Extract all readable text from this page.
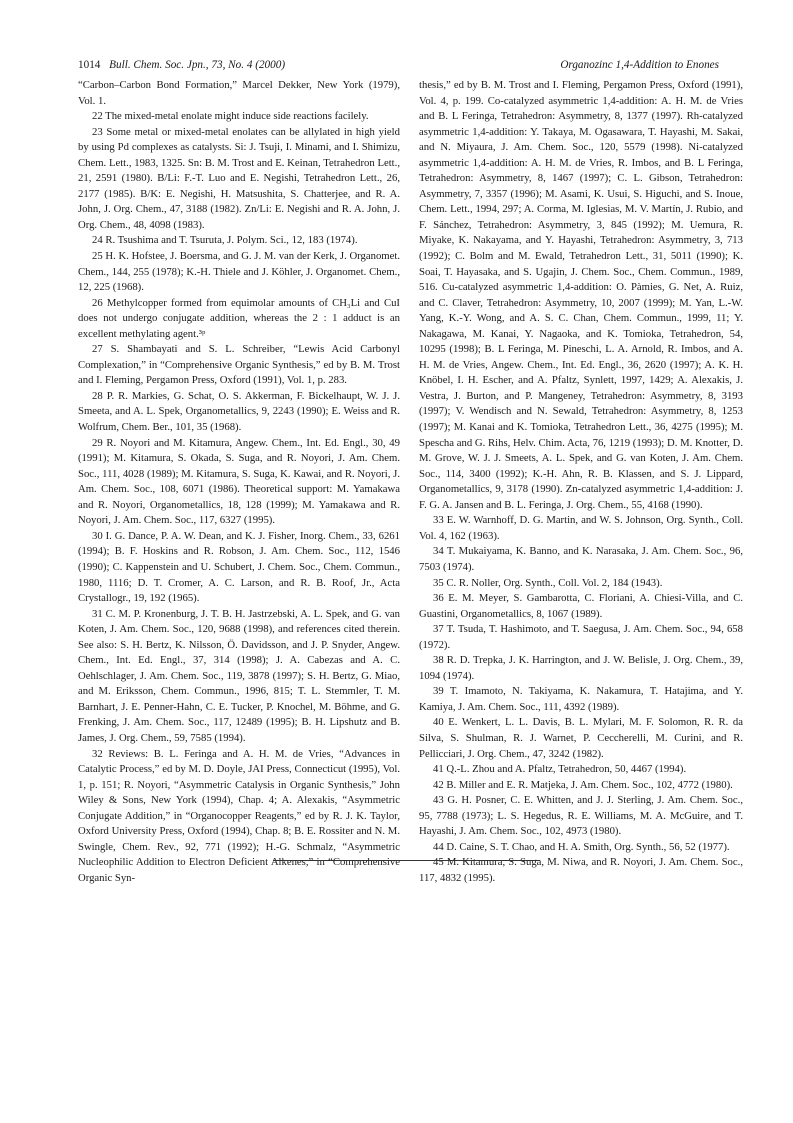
1014 Bull. Chem. Soc. Jpn., 73, No. 4 (2000)	Organozinc 1,4-Addition to Enones

“Carbon–Carbon Bond Formation,” Marcel Dekker, New York (1979), Vol. 1.

22 The mixed-metal enolate might induce side reactions facilely.

23 Some metal or mixed-metal enolates can be allylated in high yield by using Pd complexes as catalysts. Si: J. Tsuji, I. Minami, and I. Shimizu, Chem. Lett., 1983, 1325. Sn: B. M. Trost and E. Keinan, Tetrahedron Lett., 21, 2591 (1980). B/Li: F.-T. Luo and E. Negishi, Tetrahedron Lett., 26, 2177 (1985). B/K: E. Negishi, H. Matsushita, S. Chatterjee, and R. A. John, J. Org. Chem., 47, 3188 (1982). Zn/Li: E. Negishi and R. A. John, J. Org. Chem., 48, 4098 (1983).

24 R. Tsushima and T. Tsuruta, J. Polym. Sci., 12, 183 (1974).

25 H. K. Hofstee, J. Boersma, and G. J. M. van der Kerk, J. Organomet. Chem., 144, 255 (1978); K.-H. Thiele and J. Köhler, J. Organomet. Chem., 12, 225 (1968).

26 Methylcopper formed from equimolar amounts of CH₃Li and CuI does not undergo conjugate addition, whereas the 2 : 1 adduct is an excellent methylating agent.³ᵖ

27 S. Shambayati and S. L. Schreiber, “Lewis Acid Carbonyl Complexation,” in “Comprehensive Organic Synthesis,” ed by B. M. Trost and I. Fleming, Pergamon Press, Oxford (1991), Vol. 1, p. 283.

28 P. R. Markies, G. Schat, O. S. Akkerman, F. Bickelhaupt, W. J. J. Smeeta, and A. L. Spek, Organometallics, 9, 2243 (1990); E. Weiss and R. Wolfrum, Chem. Ber., 101, 35 (1968).

29 R. Noyori and M. Kitamura, Angew. Chem., Int. Ed. Engl., 30, 49 (1991); M. Kitamura, S. Okada, S. Suga, and R. Noyori, J. Am. Chem. Soc., 111, 4028 (1989); M. Kitamura, S. Suga, K. Kawai, and R. Noyori, J. Am. Chem. Soc., 108, 6071 (1986). Theoretical support: M. Yamakawa and R. Noyori, Organometallics, 18, 128 (1999); M. Yamakawa and R. Noyori, J. Am. Chem. Soc., 117, 6327 (1995).

30 I. G. Dance, P. A. W. Dean, and K. J. Fisher, Inorg. Chem., 33, 6261 (1994); B. F. Hoskins and R. Robson, J. Am. Chem. Soc., 112, 1546 (1990); C. Kappenstein and U. Schubert, J. Chem. Soc., Chem. Commun., 1980, 1116; D. T. Cromer, A. C. Larson, and R. B. Roof, Jr., Acta Crystallogr., 19, 192 (1965).

31 C. M. P. Kronenburg, J. T. B. H. Jastrzebski, A. L. Spek, and G. van Koten, J. Am. Chem. Soc., 120, 9688 (1998), and references cited therein. See also: S. H. Bertz, K. Nilsson, Ö. Davidsson, and J. P. Snyder, Angew. Chem., Int. Ed. Engl., 37, 314 (1998); J. A. Cabezas and A. C. Oehlschlager, J. Am. Chem. Soc., 119, 3878 (1997); S. H. Bertz, G. Miao, and M. Eriksson, Chem. Commun., 1996, 815; T. L. Stemmler, T. M. Barnhart, J. E. Penner-Hahn, C. E. Tucker, P. Knochel, M. Böhme, and G. Frenking, J. Am. Chem. Soc., 117, 12489 (1995); B. H. Lipshutz and B. James, J. Org. Chem., 59, 7585 (1994).

32 Reviews: B. L. Feringa and A. H. M. de Vries, “Advances in Catalytic Process,” ed by M. D. Doyle, JAI Press, Connecticut (1995), Vol. 1, p. 151; R. Noyori, “Asymmetric Catalysis in Organic Synthesis,” John Wiley & Sons, New York (1994), Chap. 4; A. Alexakis, “Asymmetric Conjugate Addition,” in “Organocopper Reagents,” ed by R. J. K. Taylor, Oxford University Press, Oxford (1994), Chap. 8; B. E. Rossiter and N. M. Swingle, Chem. Rev., 92, 771 (1992); H.-G. Schmalz, “Asymmetric Nucleophilic Addition to Electron Deficient Alkenes,” in “Comprehensive Organic Syn-

thesis,” ed by B. M. Trost and I. Fleming, Pergamon Press, Oxford (1991), Vol. 4, p. 199. Co-catalyzed asymmetric 1,4-addition: A. H. M. de Vries and B. L Feringa, Tetrahedron: Asymmetry, 8, 1377 (1997). Rh-catalyzed asymmetric 1,4-addition: Y. Takaya, M. Ogasawara, T. Hayashi, M. Sakai, and N. Miyaura, J. Am. Chem. Soc., 120, 5579 (1998). Ni-catalyzed asymmetric 1,4-addition: A. H. M. de Vries, R. Imbos, and B. L Feringa, Tetrahedron: Asymmetry, 8, 1467 (1997); C. L. Gibson, Tetrahedron: Asymmetry, 7, 3357 (1996); M. Asami, K. Usui, S. Higuchi, and S. Inoue, Chem. Lett., 1994, 297; A. Corma, M. Iglesias, M. V. Martín, J. Rubio, and F. Sánchez, Tetrahedron: Asymmetry, 3, 845 (1992); M. Uemura, R. Miyake, K. Nakayama, and Y. Hayashi, Tetrahedron: Asymmetry, 3, 713 (1992); C. Bolm and M. Ewald, Tetrahedron Lett., 31, 5011 (1990); K. Soai, T. Hayasaka, and S. Ugajin, J. Chem. Soc., Chem. Commun., 1989, 516. Cu-catalyzed asymmetric 1,4-addition: O. Pàmies, G. Net, A. Ruiz, and C. Claver, Tetrahedron: Asymmetry, 10, 2007 (1999); M. Yan, L.-W. Yang, K.-Y. Wong, and A. S. C. Chan, Chem. Commun., 1999, 11; Y. Nakagawa, M. Kanai, Y. Nagaoka, and K. Tomioka, Tetrahedron, 54, 10295 (1998); B. L Feringa, M. Pineschi, L. A. Arnold, R. Imbos, and A. H. M. de Vries, Angew. Chem., Int. Ed. Engl., 36, 2620 (1997); A. K. H. Knöbel, I. H. Escher, and A. Pfaltz, Synlett, 1997, 1429; A. Alexakis, J. Vestra, J. Burton, and P. Mangeney, Tetrahedron: Asymmetry, 8, 3193 (1997); V. Wendisch and N. Sewald, Tetrahedron: Asymmetry, 8, 1253 (1997); M. Kanai and K. Tomioka, Tetrahedron Lett., 36, 4275 (1995); M. Spescha and G. Rihs, Helv. Chim. Acta, 76, 1219 (1993); D. M. Knotter, D. M. Grove, W. J. J. Smeets, A. L. Spek, and G. van Koten, J. Am. Chem. Soc., 114, 3400 (1992); K.-H. Ahn, R. B. Klassen, and S. J. Lippard, Organometallics, 9, 3178 (1990). Zn-catalyzed asymmetric 1,4-addition: J. F. G. A. Jansen and B. L. Feringa, J. Org. Chem., 55, 4168 (1990).

33 E. W. Warnhoff, D. G. Martin, and W. S. Johnson, Org. Synth., Coll. Vol. 4, 162 (1963).

34 T. Mukaiyama, K. Banno, and K. Narasaka, J. Am. Chem. Soc., 96, 7503 (1974).

35 C. R. Noller, Org. Synth., Coll. Vol. 2, 184 (1943).

36 E. M. Meyer, S. Gambarotta, C. Floriani, A. Chiesi-Villa, and C. Guastini, Organometallics, 8, 1067 (1989).

37 T. Tsuda, T. Hashimoto, and T. Saegusa, J. Am. Chem. Soc., 94, 658 (1972).

38 R. D. Trepka, J. K. Harrington, and J. W. Belisle, J. Org. Chem., 39, 1094 (1974).

39 T. Imamoto, N. Takiyama, K. Nakamura, T. Hatajima, and Y. Kamiya, J. Am. Chem. Soc., 111, 4392 (1989).

40 E. Wenkert, L. L. Davis, B. L. Mylari, M. F. Solomon, R. R. da Silva, S. Shulman, R. J. Warnet, P. Ceccherelli, M. Curini, and R. Pellicciari, J. Org. Chem., 47, 3242 (1982).

41 Q.-L. Zhou and A. Pfaltz, Tetrahedron, 50, 4467 (1994).

42 B. Miller and E. R. Matjeka, J. Am. Chem. Soc., 102, 4772 (1980).

43 G. H. Posner, C. E. Whitten, and J. J. Sterling, J. Am. Chem. Soc., 95, 7788 (1973); L. S. Hegedus, R. E. Williams, M. A. McGuire, and T. Hayashi, J. Am. Chem. Soc., 102, 4973 (1980).

44 D. Caine, S. T. Chao, and H. A. Smith, Org. Synth., 56, 52 (1977).

45 M. Kitamura, S. Suga, M. Niwa, and R. Noyori, J. Am. Chem. Soc., 117, 4832 (1995).
